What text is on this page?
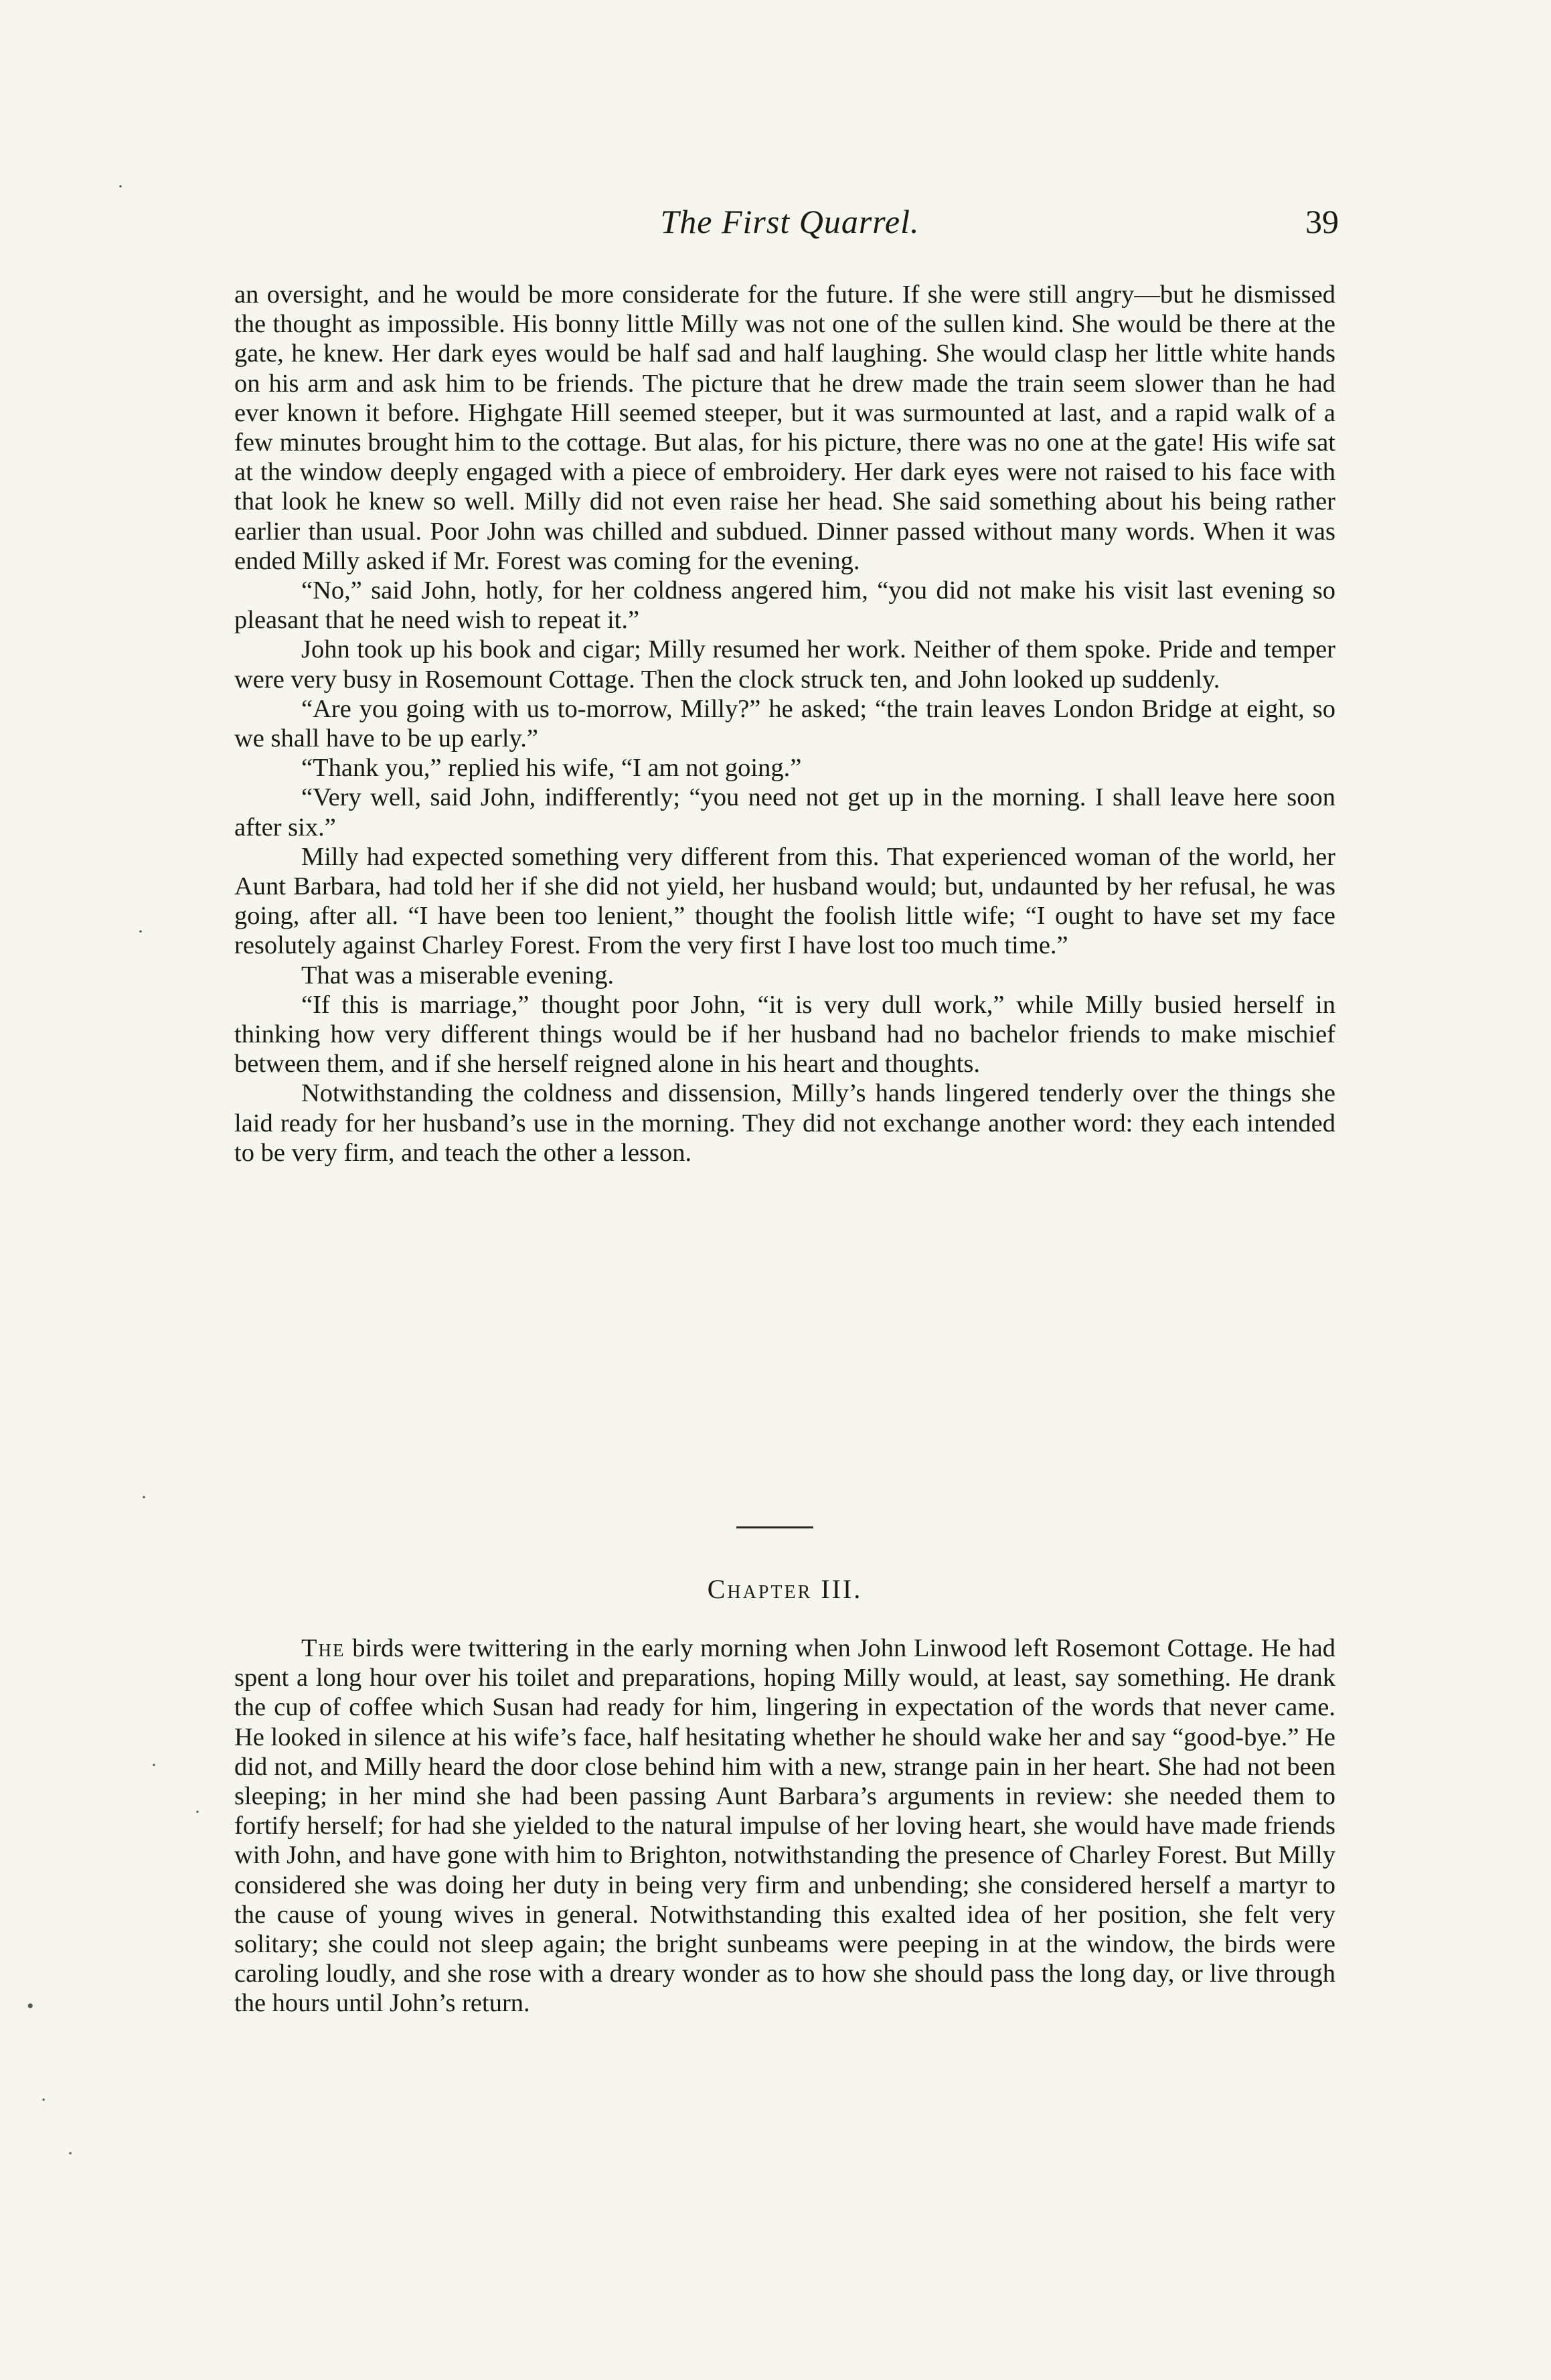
The First Quarrel.	39

an oversight, and he would be more considerate for the future. If she were still angry—but he dismissed the thought as impossible. His bonny little Milly was not one of the sullen kind. She would be there at the gate, he knew. Her dark eyes would be half sad and half laughing. She would clasp her little white hands on his arm and ask him to be friends. The picture that he drew made the train seem slower than he had ever known it before. Highgate Hill seemed steeper, but it was surmounted at last, and a rapid walk of a few minutes brought him to the cottage. But alas, for his picture, there was no one at the gate! His wife sat at the window deeply engaged with a piece of embroidery. Her dark eyes were not raised to his face with that look he knew so well. Milly did not even raise her head. She said something about his being rather earlier than usual. Poor John was chilled and subdued. Dinner passed without many words. When it was ended Milly asked if Mr. Forest was coming for the evening.

“No,” said John, hotly, for her coldness angered him, “you did not make his visit last evening so pleasant that he need wish to repeat it.”

John took up his book and cigar; Milly resumed her work. Neither of them spoke. Pride and temper were very busy in Rosemount Cottage. Then the clock struck ten, and John looked up suddenly.

“Are you going with us to-morrow, Milly?” he asked; “the train leaves London Bridge at eight, so we shall have to be up early.”

“Thank you,” replied his wife, “I am not going.”

“Very well, said John, indifferently; “you need not get up in the morning. I shall leave here soon after six.”

Milly had expected something very different from this. That experienced woman of the world, her Aunt Barbara, had told her if she did not yield, her husband would; but, undaunted by her refusal, he was going, after all. “I have been too lenient,” thought the foolish little wife; “I ought to have set my face resolutely against Charley Forest. From the very first I have lost too much time.”

That was a miserable evening.

“If this is marriage,” thought poor John, “it is very dull work,” while Milly busied herself in thinking how very different things would be if her husband had no bachelor friends to make mischief between them, and if she herself reigned alone in his heart and thoughts.

Notwithstanding the coldness and dissension, Milly’s hands lingered tenderly over the things she laid ready for her husband’s use in the morning. They did not exchange another word: they each intended to be very firm, and teach the other a lesson.

Chapter III.

The birds were twittering in the early morning when John Linwood left Rosemont Cottage. He had spent a long hour over his toilet and preparations, hoping Milly would, at least, say something. He drank the cup of coffee which Susan had ready for him, lingering in expectation of the words that never came. He looked in silence at his wife’s face, half hesitating whether he should wake her and say “good-bye.” He did not, and Milly heard the door close behind him with a new, strange pain in her heart. She had not been sleeping; in her mind she had been passing Aunt Barbara’s arguments in review: she needed them to fortify herself; for had she yielded to the natural impulse of her loving heart, she would have made friends with John, and have gone with him to Brighton, notwithstanding the presence of Charley Forest. But Milly considered she was doing her duty in being very firm and unbending; she considered herself a martyr to the cause of young wives in general. Notwithstanding this exalted idea of her position, she felt very solitary; she could not sleep again; the bright sunbeams were peeping in at the window, the birds were caroling loudly, and she rose with a dreary wonder as to how she should pass the long day, or live through the hours until John’s return.

·
·
·
·
·
•
·
·
